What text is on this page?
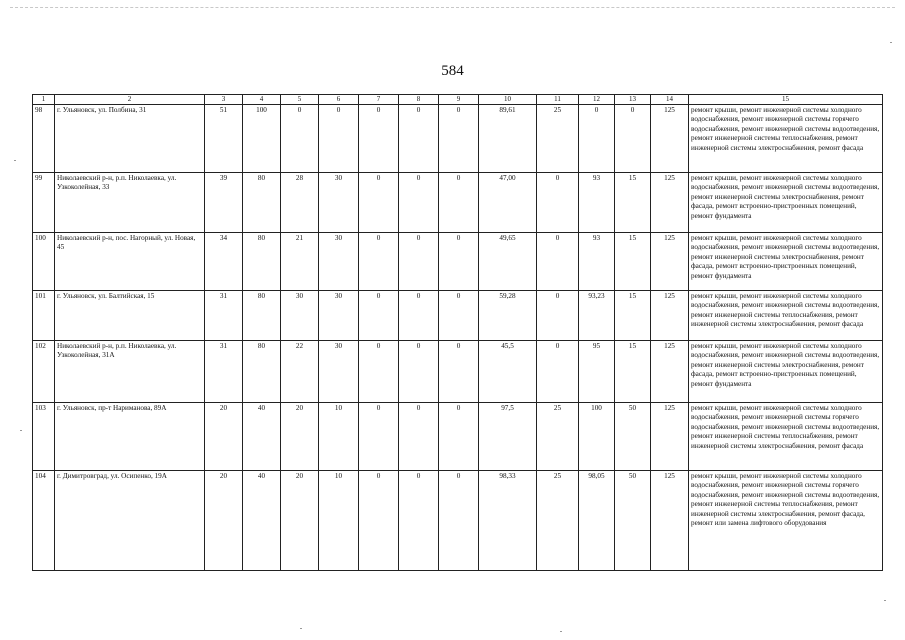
584
1	2	3	4	5	6	7	8	9	10	11	12	13	14	15
98	г. Ульяновск, ул. Полбина, 31	51	100	0	0	0	0	0	89,61	25	0	0	125	ремонт крыши, ремонт инженерной системы холодного водоснабжения, ремонт инженерной системы горячего водоснабжения, ремонт инженерной системы водоотведения, ремонт инженерной системы теплоснабжения, ремонт инженерной системы электроснабжения, ремонт фасада
99	Николаевский р-н, р.п. Николаевка, ул. Узкоколейная, 33	39	80	28	30	0	0	0	47,00	0	93	15	125	ремонт крыши, ремонт инженерной системы холодного водоснабжения, ремонт инженерной системы водоотведения, ремонт инженерной системы электроснабжения, ремонт фасада, ремонт встроенно-пристроенных помещений, ремонт фундамента
100	Николаевский р-н, пос. Нагорный, ул. Новая, 45	34	80	21	30	0	0	0	49,65	0	93	15	125	ремонт крыши, ремонт инженерной системы холодного водоснабжения, ремонт инженерной системы водоотведения, ремонт инженерной системы электроснабжения, ремонт фасада, ремонт встроенно-пристроенных помещений, ремонт фундамента
101	г. Ульяновск, ул. Балтийская, 15	31	80	30	30	0	0	0	59,28	0	93,23	15	125	ремонт крыши, ремонт инженерной системы холодного водоснабжения, ремонт инженерной системы водоотведения, ремонт инженерной системы теплоснабжения, ремонт инженерной системы электроснабжения, ремонт фасада
102	Николаевский р-н, р.п. Николаевка, ул. Узкоколейная, 31А	31	80	22	30	0	0	0	45,5	0	95	15	125	ремонт крыши, ремонт инженерной системы холодного водоснабжения, ремонт инженерной системы водоотведения, ремонт инженерной системы электроснабжения, ремонт фасада, ремонт встроенно-пристроенных помещений, ремонт фундамента
103	г. Ульяновск, пр-т Нариманова, 89А	20	40	20	10	0	0	0	97,5	25	100	50	125	ремонт крыши, ремонт инженерной системы холодного водоснабжения, ремонт инженерной системы горячего водоснабжения, ремонт инженерной системы водоотведения, ремонт инженерной системы теплоснабжения, ремонт инженерной системы электроснабжения, ремонт фасада
104	г. Димитровград, ул. Осипенко, 19А	20	40	20	10	0	0	0	98,33	25	98,05	50	125	ремонт крыши, ремонт инженерной системы холодного водоснабжения, ремонт инженерной системы горячего водоснабжения, ремонт инженерной системы водоотведения, ремонт инженерной системы теплоснабжения, ремонт инженерной системы электроснабжения, ремонт фасада, ремонт или замена лифтового оборудования
